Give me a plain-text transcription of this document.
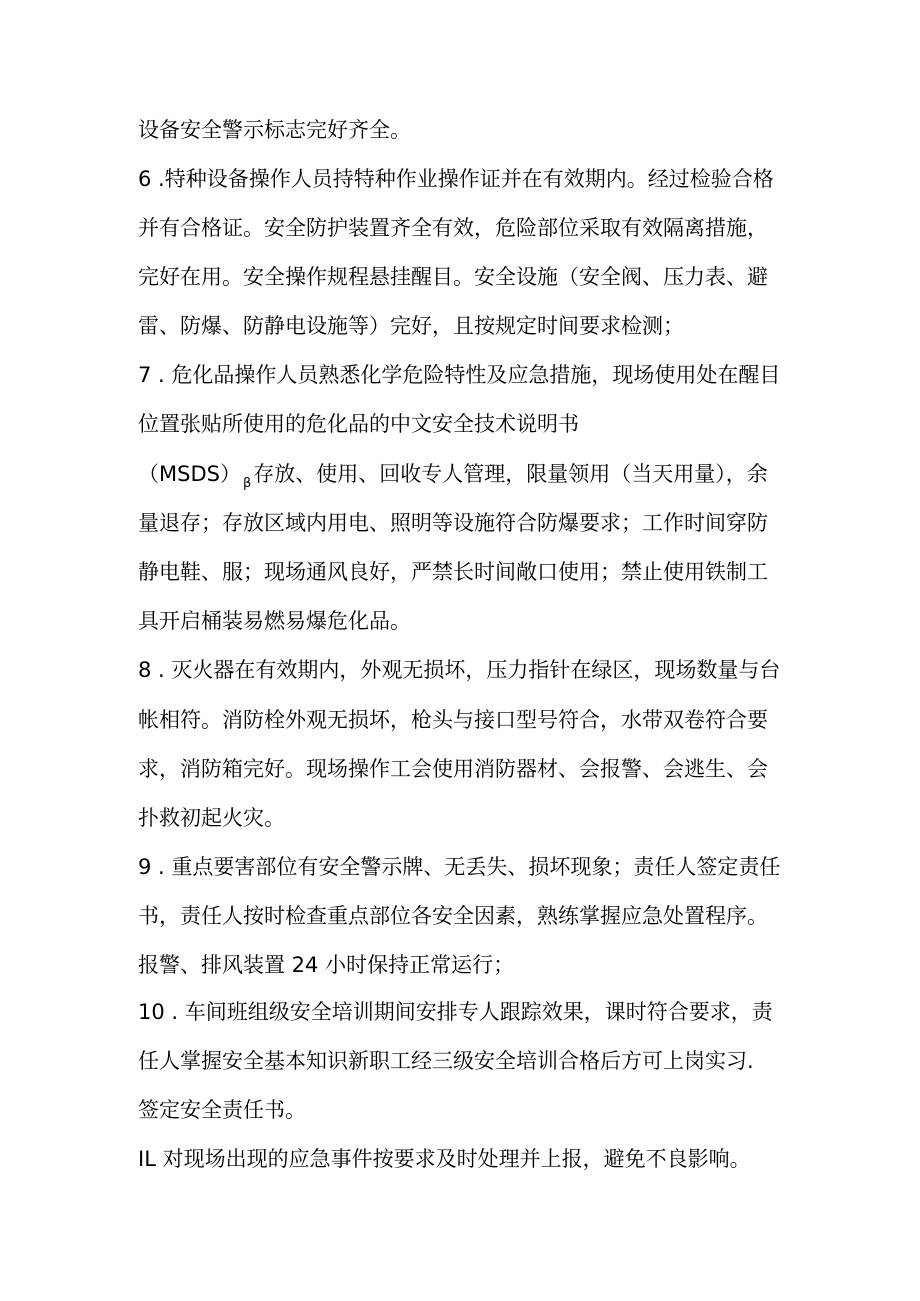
设备安全警示标志完好齐全。

6 .特种设备操作人员持特种作业操作证并在有效期内。经过检验合格

并有合格证。安全防护装置齐全有效，危险部位采取有效隔离措施，

完好在用。安全操作规程悬挂醒目。安全设施（安全阀、压力表、避

雷、防爆、防静电设施等）完好，且按规定时间要求检测；

7 . 危化品操作人员熟悉化学危险特性及应急措施，现场使用处在醒目

位置张贴所使用的危化品的中文安全技术说明书

（MSDS） $_\beta$存放、使用、回收专人管理，限量领用（当天用量），余

量退存；存放区域内用电、照明等设施符合防爆要求；工作时间穿防

静电鞋、服；现场通风良好，严禁长时间敞口使用；禁止使用铁制工

具开启桶装易燃易爆危化品。

8 . 灭火器在有效期内，外观无损坏，压力指针在绿区，现场数量与台

帐相符。消防栓外观无损坏，枪头与接口型号符合，水带双卷符合要

求，消防箱完好。现场操作工会使用消防器材、会报警、会逃生、会

扑救初起火灾。

9 . 重点要害部位有安全警示牌、无丢失、损坏现象；责任人签定责任

书，责任人按时检查重点部位各安全因素，熟练掌握应急处置程序。

报警、排风装置 24 小时保持正常运行；

10 . 车间班组级安全培训期间安排专人跟踪效果，课时符合要求，责

任人掌握安全基本知识新职工经三级安全培训合格后方可上岗实习.

签定安全责任书。

IL 对现场出现的应急事件按要求及时处理并上报，避免不良影响。
